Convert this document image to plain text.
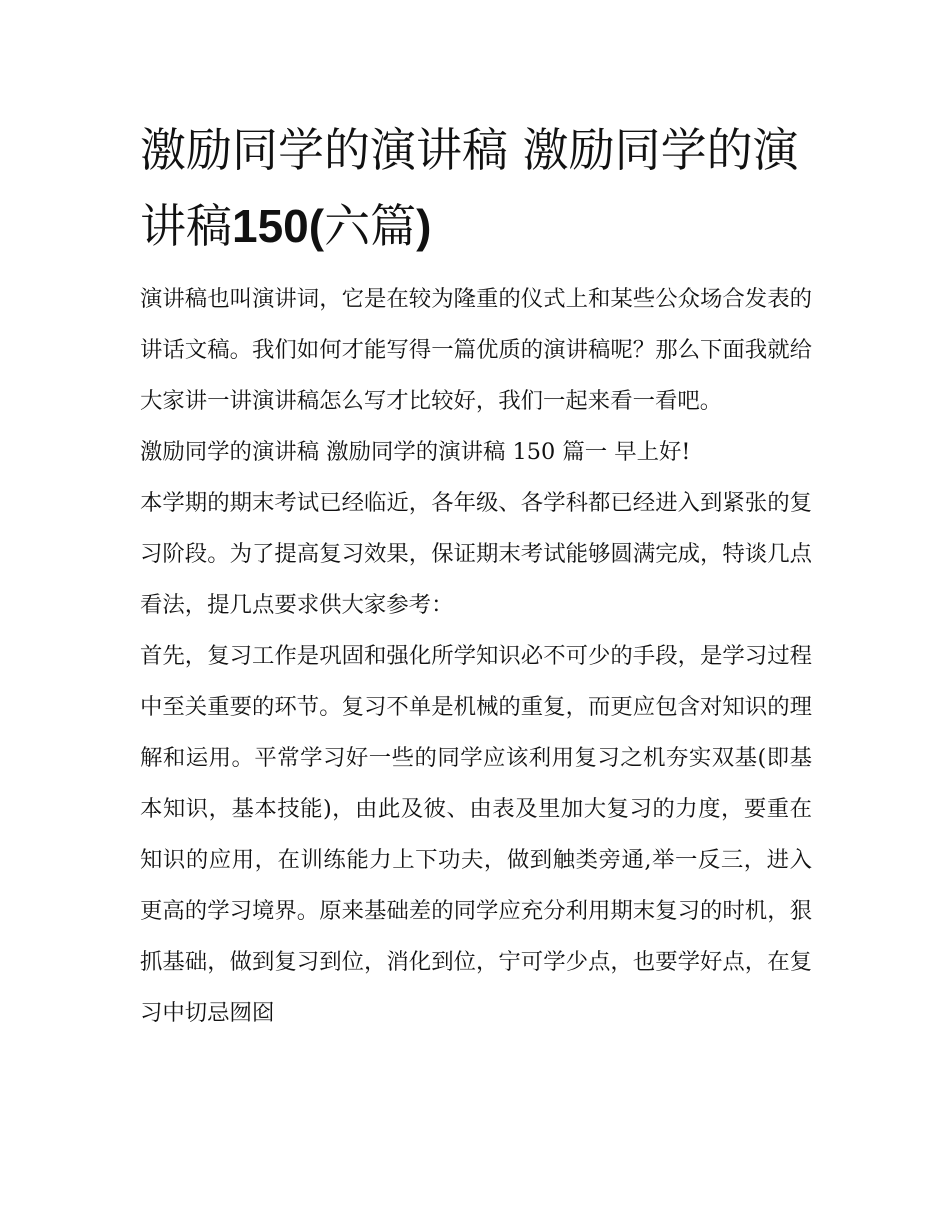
激励同学的演讲稿 激励同学的演讲稿150(六篇)

演讲稿也叫演讲词，它是在较为隆重的仪式上和某些公众场合发表的讲话文稿。我们如何才能写得一篇优质的演讲稿呢？那么下面我就给大家讲一讲演讲稿怎么写才比较好，我们一起来看一看吧。

激励同学的演讲稿 激励同学的演讲稿 150 篇一 早上好!

本学期的期末考试已经临近，各年级、各学科都已经进入到紧张的复习阶段。为了提高复习效果，保证期末考试能够圆满完成，特谈几点看法，提几点要求供大家参考：

首先，复习工作是巩固和强化所学知识必不可少的手段，是学习过程中至关重要的环节。复习不单是机械的重复，而更应包含对知识的理解和运用。平常学习好一些的同学应该利用复习之机夯实双基(即基本知识，基本技能)，由此及彼、由表及里加大复习的力度，要重在知识的应用，在训练能力上下功夫，做到触类旁通,举一反三，进入更高的学习境界。原来基础差的同学应充分利用期末复习的时机，狠抓基础，做到复习到位，消化到位，宁可学少点，也要学好点，在复习中切忌囫囵
